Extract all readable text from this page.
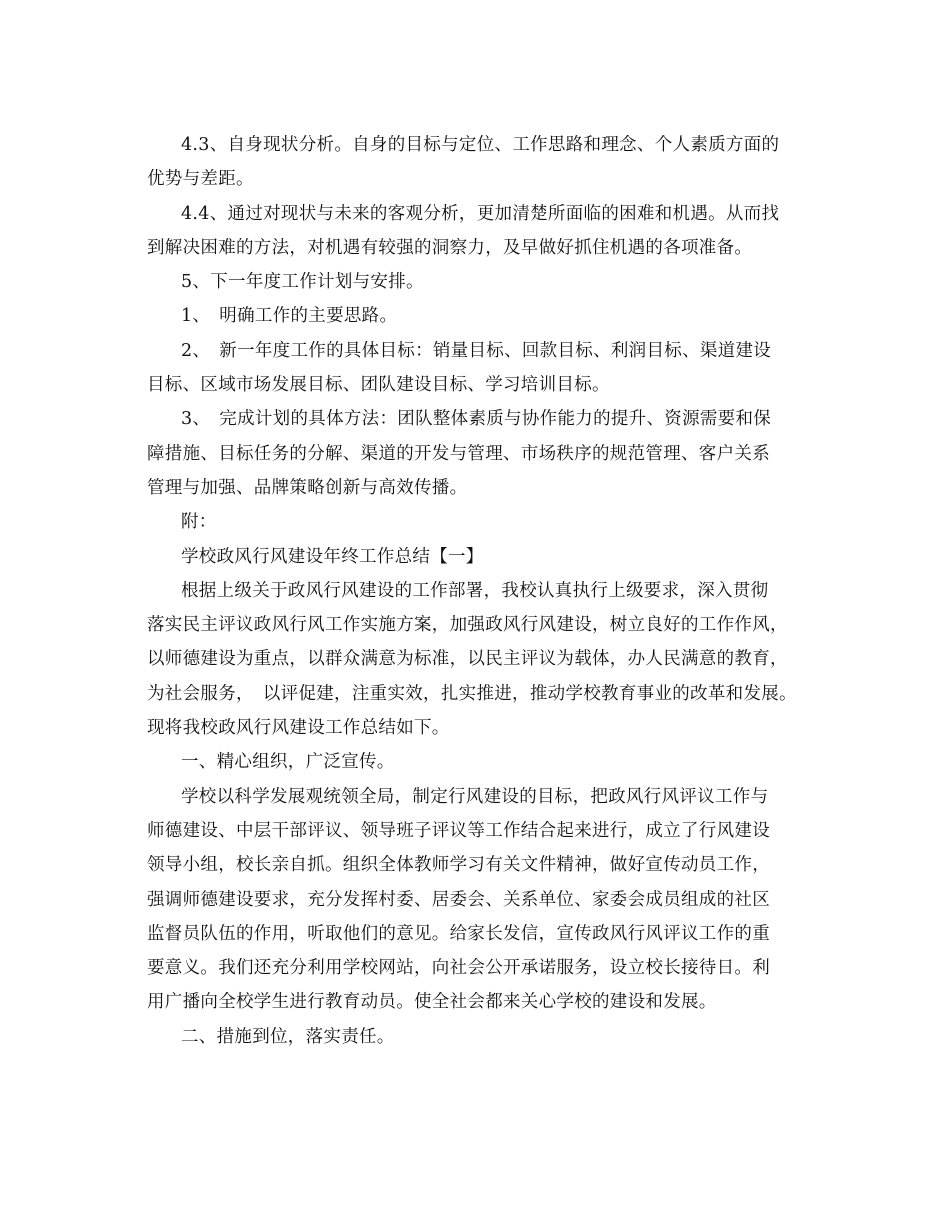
4.3、自身现状分析。自身的目标与定位、工作思路和理念、个人素质方面的
优势与差距。
4.4、通过对现状与未来的客观分析，更加清楚所面临的困难和机遇。从而找
到解决困难的方法，对机遇有较强的洞察力，及早做好抓住机遇的各项准备。
5、下一年度工作计划与安排。
1、　明确工作的主要思路。
2、　新一年度工作的具体目标：销量目标、回款目标、利润目标、渠道建设
目标、区域市场发展目标、团队建设目标、学习培训目标。
3、　完成计划的具体方法：团队整体素质与协作能力的提升、资源需要和保
障措施、目标任务的分解、渠道的开发与管理、市场秩序的规范管理、客户关系
管理与加强、品牌策略创新与高效传播。
附：
学校政风行风建设年终工作总结【一】
根据上级关于政风行风建设的工作部署，我校认真执行上级要求，深入贯彻
落实民主评议政风行风工作实施方案，加强政风行风建设，树立良好的工作作风，
以师德建设为重点，以群众满意为标准，以民主评议为载体，办人民满意的教育，
为社会服务，　以评促建，注重实效，扎实推进，推动学校教育事业的改革和发展。
现将我校政风行风建设工作总结如下。
一、精心组织，广泛宣传。
学校以科学发展观统领全局，制定行风建设的目标，把政风行风评议工作与
师德建设、中层干部评议、领导班子评议等工作结合起来进行，成立了行风建设
领导小组，校长亲自抓。组织全体教师学习有关文件精神，做好宣传动员工作，
强调师德建设要求，充分发挥村委、居委会、关系单位、家委会成员组成的社区
监督员队伍的作用，听取他们的意见。给家长发信，宣传政风行风评议工作的重
要意义。我们还充分利用学校网站，向社会公开承诺服务，设立校长接待日。利
用广播向全校学生进行教育动员。使全社会都来关心学校的建设和发展。
二、措施到位，落实责任。
